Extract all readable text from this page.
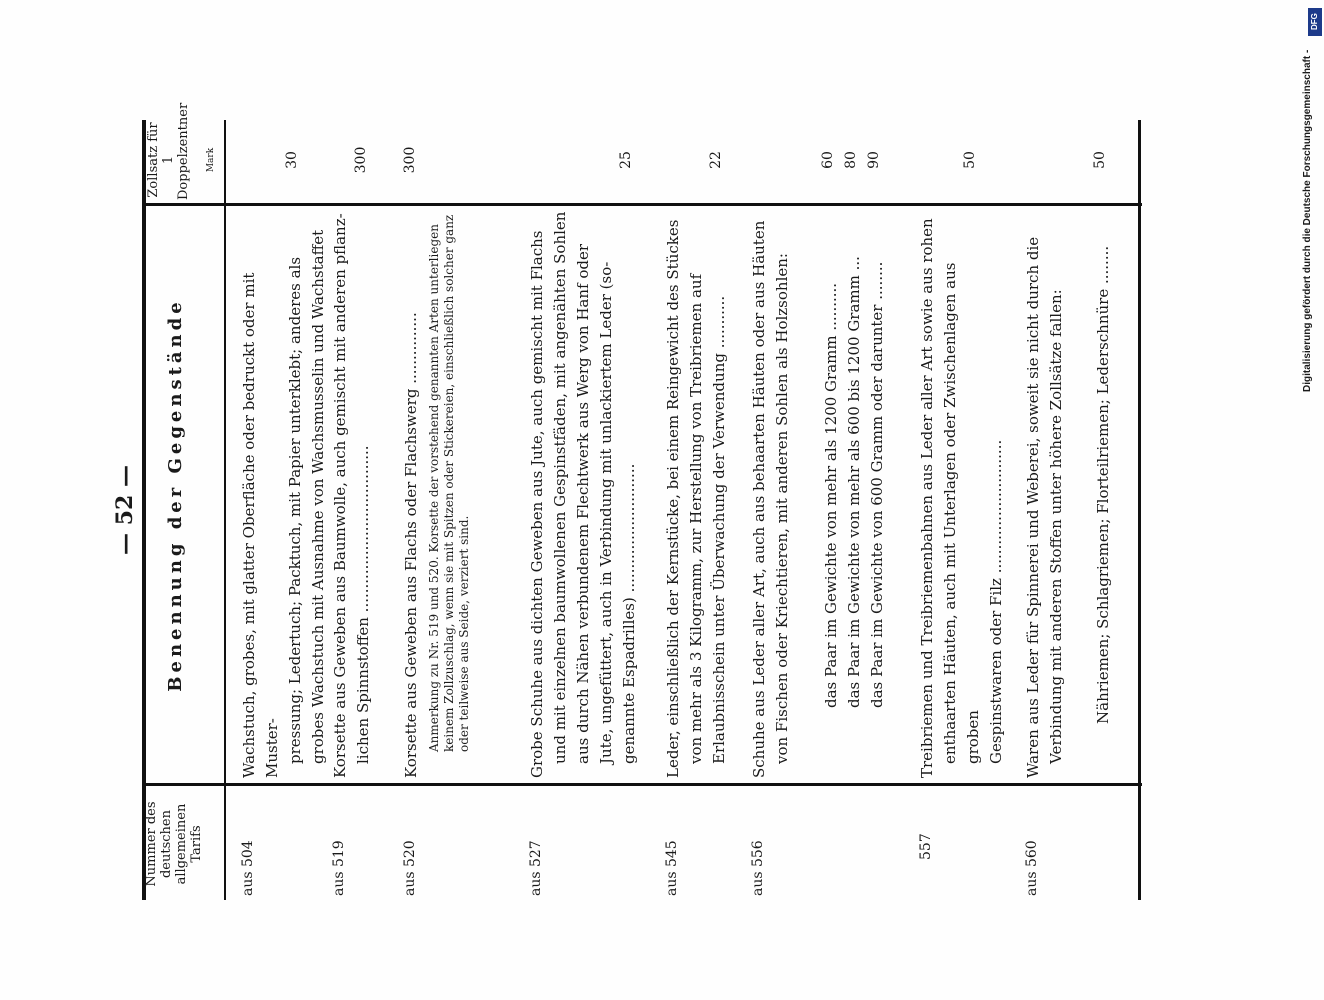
— 52 —
Nummer des deutschen allgemeinen Tarifs
Benennung der Gegenstände
Zollsatz für 1 Doppelzentner Mark
aus 504
Wachstuch, grobes, mit glatter Oberfläche oder bedruckt oder mit Muster- pressung; Ledertuch; Packtuch, mit Papier unterklebt; anderes als grobes Wachstuch mit Ausnahme von Wachsmusselin und Wachstaffet
30
aus 519
Korsette aus Geweben aus Baumwolle, auch gemischt mit anderen pflanz- lichen Spinnstoffen ...................................
300
aus 520
Korsette aus Geweben aus Flachs oder Flachswerg ............... Anmerkung zu Nr. 519 und 520. Korsette der vorstehend genannten Arten unterliegen keinem Zollzuschlag, wenn sie mit Spitzen oder Stickereien, einschließlich solcher ganz oder teilweise aus Seide, verziert sind.
300
aus 527
Grobe Schuhe aus dichten Geweben aus Jute, auch gemischt mit Flachs und mit einzelnen baumwollenen Gespinstfäden, mit angenähten Sohlen aus durch Nähen verbundenem Flechtwerk aus Werg von Hanf oder Jute, ungefüttert, auch in Verbindung mit unlackiertem Leder (so- genannte Espadrilles) ...........................
25
aus 545
Leder, einschließlich der Kernstücke, bei einem Reingewicht des Stückes von mehr als 3 Kilogramm, zur Herstellung von Treibriemen auf Erlaubnisschein unter Überwachung der Verwendung ...........
22
aus 556
Schuhe aus Leder aller Art, auch aus behaarten Häuten oder aus Häuten von Fischen oder Kriechtieren, mit anderen Sohlen als Holzsohlen: das Paar im Gewichte von mehr als 1200 Gramm .......... das Paar im Gewichte von mehr als 600 bis 1200 Gramm ... das Paar im Gewichte von 600 Gramm oder darunter ........
60 80 90
557
Treibriemen und Treibriemenbahnen aus Leder aller Art sowie aus rohen enthaarten Häuten, auch mit Unterlagen oder Zwischenlagen aus groben Gespinstwaren oder Filz ............................
50
aus 560
Waren aus Leder für Spinnerei und Weberei, soweit sie nicht durch die Verbindung mit anderen Stoffen unter höhere Zollsätze fallen: Nähriemen; Schlagriemen; Florteilriemen; Lederschnüre ........
50	Digitalisierung gefördert durch die Deutsche Forschungsgemeinschaft -
DFG
